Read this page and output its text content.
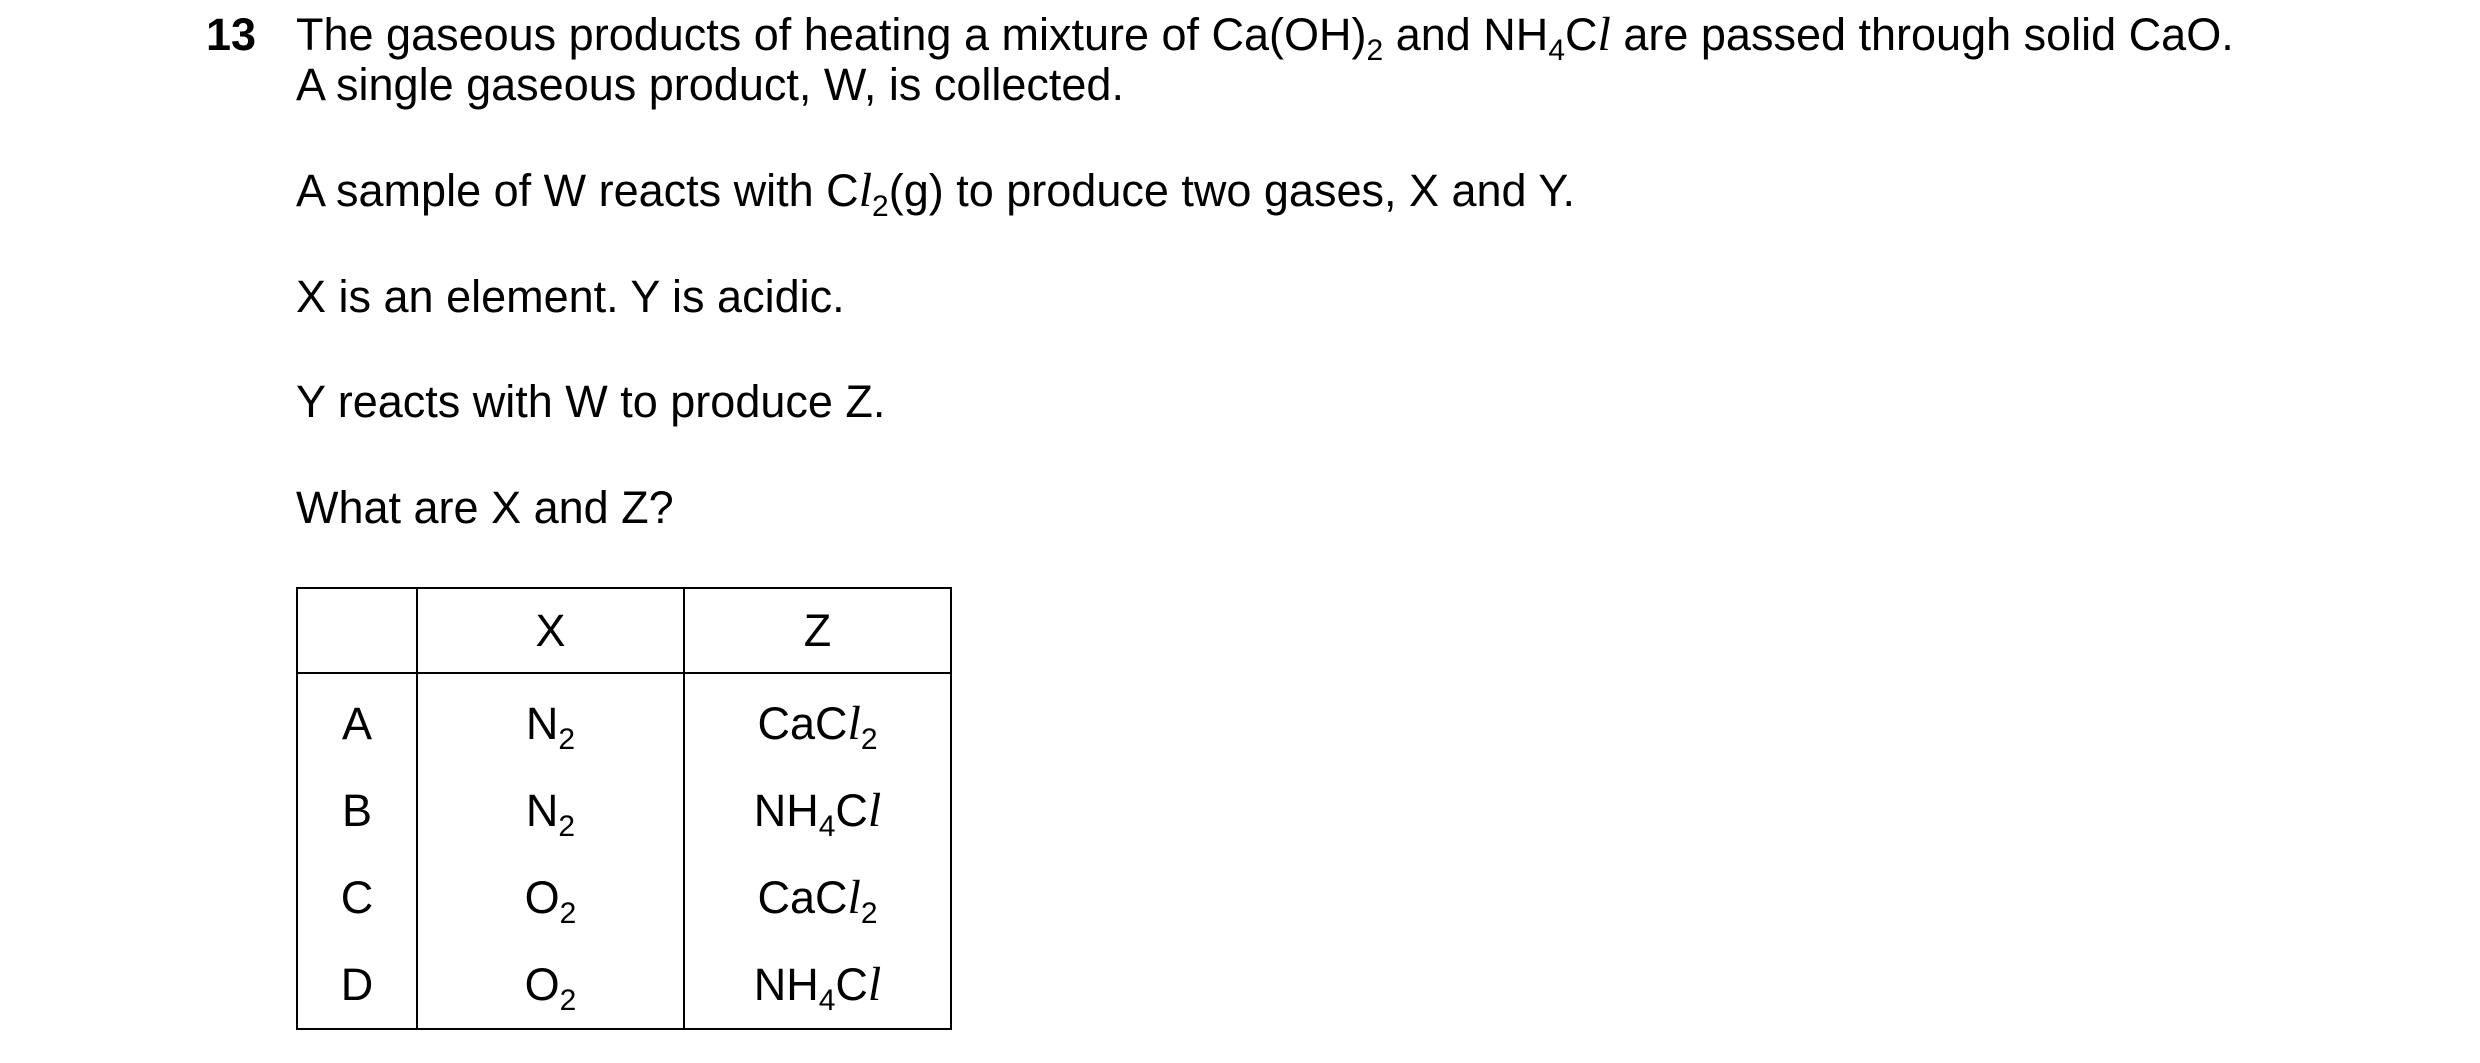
13 The gaseous products of heating a mixture of $Ca(OH)_2$ and $NH_4Cl$ are passed through solid CaO.
A single gaseous product, W, is collected.
A sample of W reacts with $Cl_2(g)$ to produce two gases, X and Y.
X is an element. Y is acidic.
Y reacts with W to produce Z.
What are X and Z?
	X	Z
A	$N_2$	CaCl$_2$
B	$N_2$	$NH_4Cl$
C	$O_2$	CaCl$_2$
D	$O_2$	$NH_4Cl$
